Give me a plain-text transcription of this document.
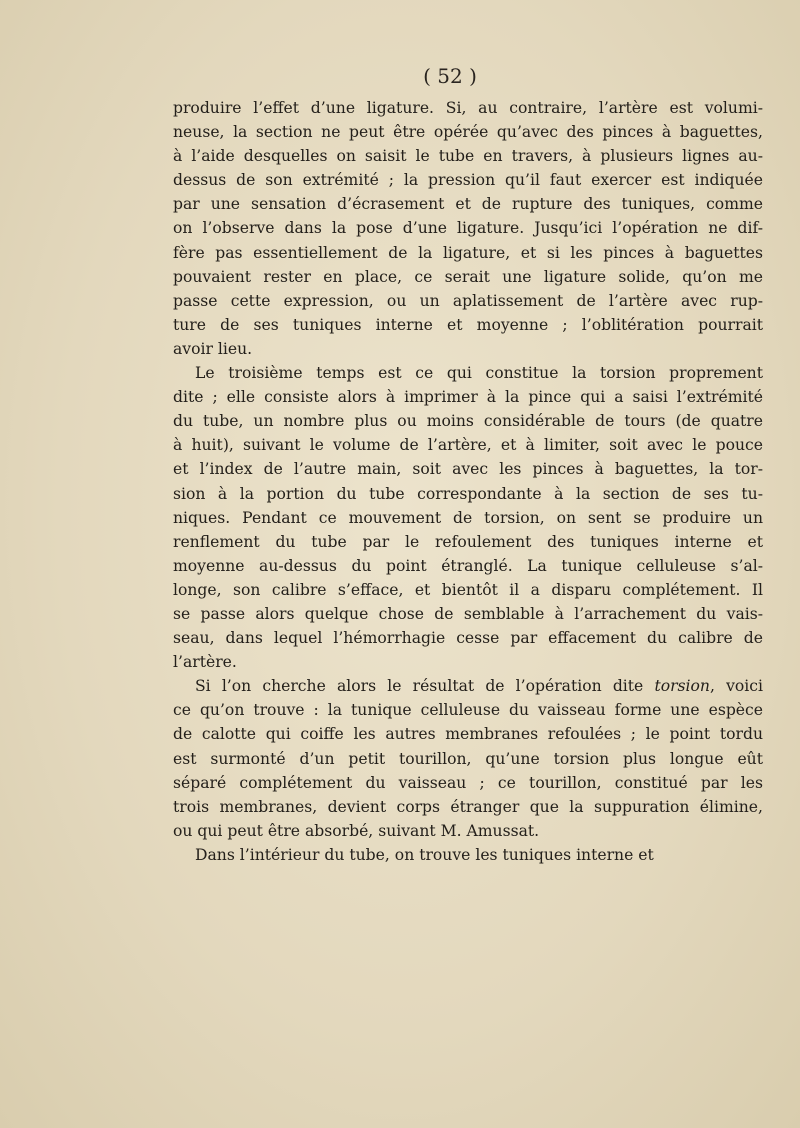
( 52 )
produire l’effet d’une ligature. Si, au contraire, l’artère est volumi-
neuse, la section ne peut être opérée qu’avec des pinces à baguettes,
à l’aide desquelles on saisit le tube en travers, à plusieurs lignes au-
dessus de son extrémité ; la pression qu’il faut exercer est indiquée
par une sensation d’écrasement et de rupture des tuniques, comme
on l’observe dans la pose d’une ligature. Jusqu’ici l’opération ne dif-
fère pas essentiellement de la ligature, et si les pinces à baguettes
pouvaient rester en place, ce serait une ligature solide, qu’on me
passe cette expression, ou un aplatissement de l’artère avec rup-
ture de ses tuniques interne et moyenne ; l’oblitération pourrait
avoir lieu.
Le troisième temps est ce qui constitue la torsion proprement
dite ; elle consiste alors à imprimer à la pince qui a saisi l’extrémité
du tube, un nombre plus ou moins considérable de tours (de quatre
à huit), suivant le volume de l’artère, et à limiter, soit avec le pouce
et l’index de l’autre main, soit avec les pinces à baguettes, la tor-
sion à la portion du tube correspondante à la section de ses tu-
niques. Pendant ce mouvement de torsion, on sent se produire un
renflement du tube par le refoulement des tuniques interne et
moyenne au-dessus du point étranglé. La tunique celluleuse s’al-
longe, son calibre s’efface, et bientôt il a disparu complétement. Il
se passe alors quelque chose de semblable à l’arrachement du vais-
seau, dans lequel l’hémorrhagie cesse par effacement du calibre de
l’artère.
Si l’on cherche alors le résultat de l’opération dite torsion, voici
ce qu’on trouve : la tunique celluleuse du vaisseau forme une espèce
de calotte qui coiffe les autres membranes refoulées ; le point tordu
est surmonté d’un petit tourillon, qu’une torsion plus longue eût
séparé complétement du vaisseau ; ce tourillon, constitué par les
trois membranes, devient corps étranger que la suppuration élimine,
ou qui peut être absorbé, suivant M. Amussat.
Dans l’intérieur du tube, on trouve les tuniques interne et
